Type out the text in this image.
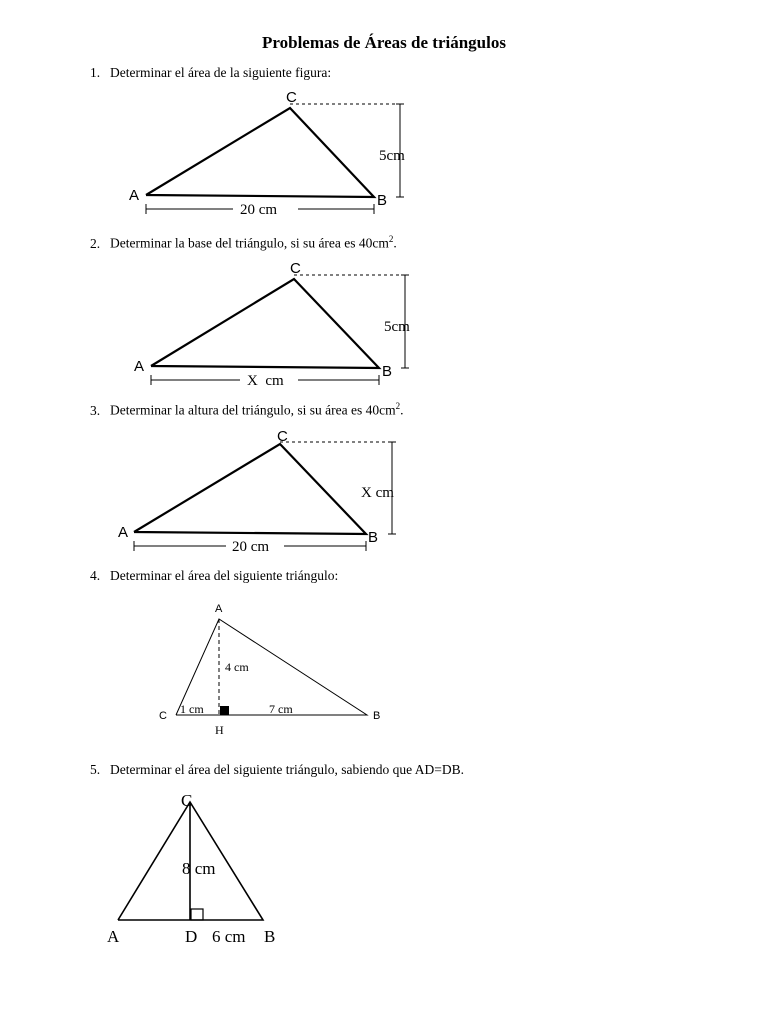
Problemas de Áreas de triángulos
1. Determinar el área de la siguiente figura:
2. Determinar la base del triángulo, si su área es $40cm^2$.
3. Determinar la altura del triángulo, si su área es $40cm^2$.
4. Determinar el área del siguiente triángulo:
5. Determinar el área del siguiente triángulo, sabiendo que AD=DB.
A	B
C
5cm
20 cm
A	B
C
5cm
X  cm
A	B
C
X cm
20 cm
A
B
C
H
4 cm
1 cm	7 cm
C
A	D	B
8 cm
6 cm
